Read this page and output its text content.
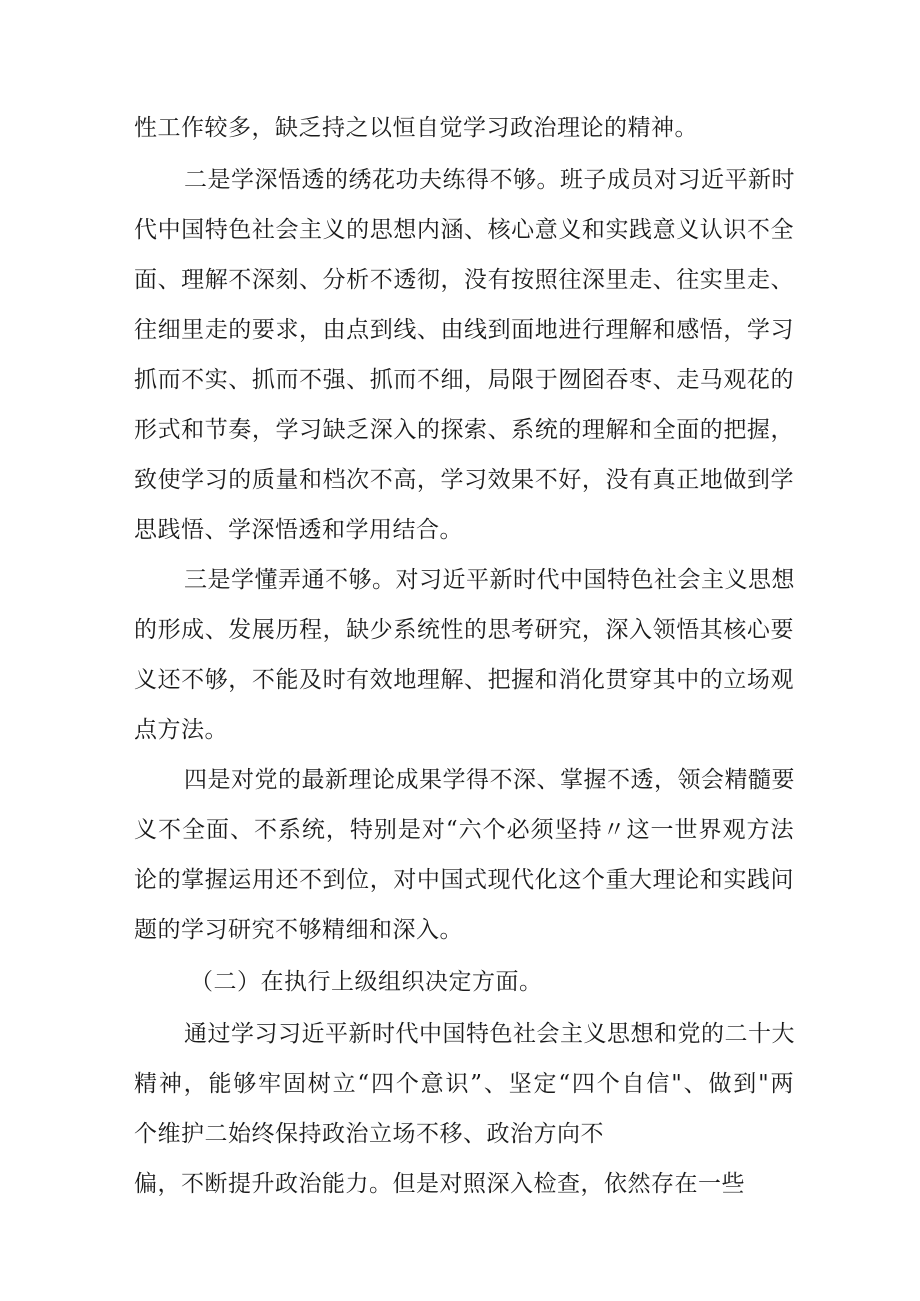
性工作较多，缺乏持之以恒自觉学习政治理论的精神。
二是学深悟透的绣花功夫练得不够。班子成员对习近平新时
代中国特色社会主义的思想内涵、核心意义和实践意义认识不全
面、理解不深刻、分析不透彻，没有按照往深里走、往实里走、
往细里走的要求，由点到线、由线到面地进行理解和感悟，学习
抓而不实、抓而不强、抓而不细，局限于囫囵吞枣、走马观花的
形式和节奏，学习缺乏深入的探索、系统的理解和全面的把握，
致使学习的质量和档次不高，学习效果不好，没有真正地做到学
思践悟、学深悟透和学用结合。
三是学懂弄通不够。对习近平新时代中国特色社会主义思想
的形成、发展历程，缺少系统性的思考研究，深入领悟其核心要
义还不够，不能及时有效地理解、把握和消化贯穿其中的立场观
点方法。
四是对党的最新理论成果学得不深、掌握不透，领会精髓要
义不全面、不系统，特别是对“六个必须坚持〃这一世界观方法
论的掌握运用还不到位，对中国式现代化这个重大理论和实践问
题的学习研究不够精细和深入。
（二）在执行上级组织决定方面。
通过学习习近平新时代中国特色社会主义思想和党的二十大
精神，能够牢固树立“四个意识”、坚定“四个自信"、做到"两
个维护二始终保持政治立场不移、政治方向不
偏，不断提升政治能力。但是对照深入检查，依然存在一些
